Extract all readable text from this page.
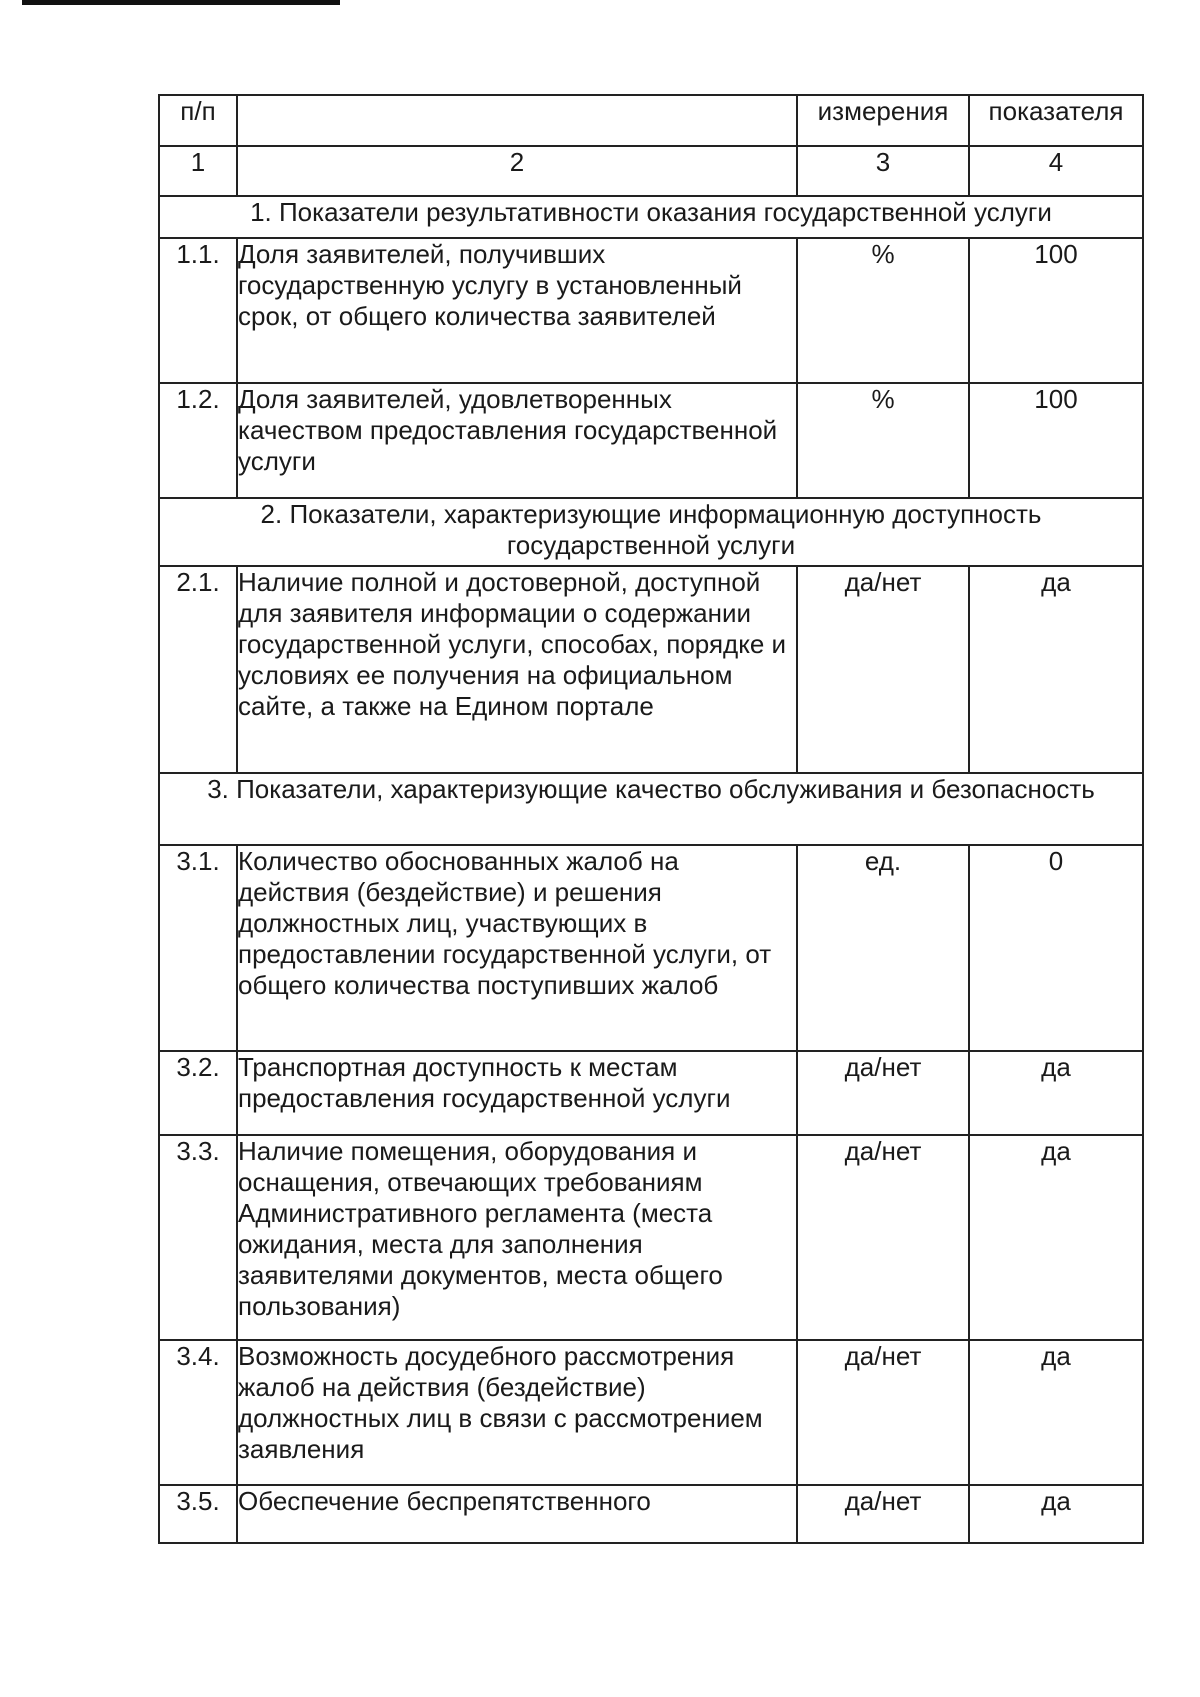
п/п		измерения	показателя
1	2	3	4
1. Показатели результативности оказания государственной услуги			
1.1.	Доля заявителей, получивших государственную услугу в установленный срок, от общего количества заявителей	%	100
1.2.	Доля заявителей, удовлетворенных качеством предоставления государственной услуги	%	100
2. Показатели, характеризующие информационную доступность государственной услуги			
2.1.	Наличие полной и достоверной, доступной для заявителя информации о содержании государственной услуги, способах, порядке и условиях ее получения на официальном сайте, а также на Едином портале	да/нет	да
3. Показатели, характеризующие качество обслуживания и безопасность			
3.1.	Количество обоснованных жалоб на действия (бездействие) и решения должностных лиц, участвующих в предоставлении государственной услуги, от общего количества поступивших жалоб	ед.	0
3.2.	Транспортная доступность к местам предоставления государственной услуги	да/нет	да
3.3.	Наличие помещения, оборудования и оснащения, отвечающих требованиям Административного регламента (места ожидания, места для заполнения заявителями документов, места общего пользования)	да/нет	да
3.4.	Возможность досудебного рассмотрения жалоб на действия (бездействие) должностных лиц в связи с рассмотрением заявления	да/нет	да
3.5.	Обеспечение беспрепятственного	да/нет	да
